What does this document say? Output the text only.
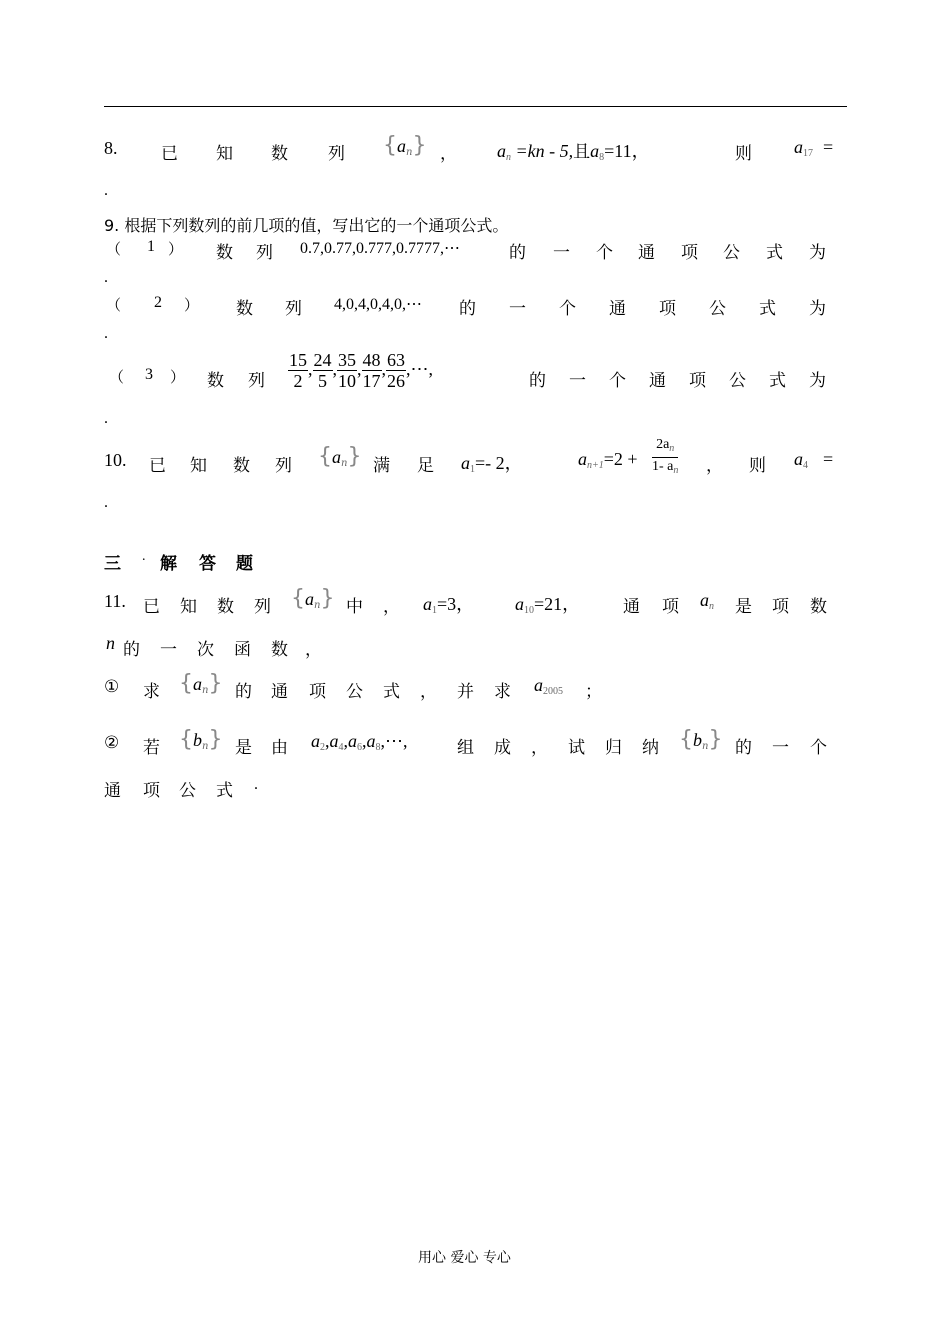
8.	已 知 数 列 $\{a_n\}$ ， $a_n =kn - 5$,且$a_8=11$，	则 $a_{17}$ =
.
9. 根据下列数列的前几项的值，写出它的一个通项公式。
（ 1 ） 数 列 0.7,0.77,0.777,0.7777,⋯	的 一 个 通 项 公 式 为
.
（ 2 ） 数 列 4,0,4,0,4,0,⋯ 的 一 个 通 项 公 式 为
.
（ 3 ） 数 列 $\frac{15}{2}$ , $\frac{24}{5}$ , $\frac{35}{10}$ , $\frac{48}{17}$ , $\frac{63}{26}$ ,⋯,
的 一 个 通 项 公 式 为
.
10. 已 知 数 列 $\{a_n\}$ 满 足 $a_1=-$ 2，	$a_{n+1}=2 + \frac{2a_n}{1- a_n}$ ， 则 $a_4$ =
.
三 . 解 答 题
11. 已 知 数 列 $\{a_n\}$ 中 ， $a_1=3$， $a_{10}=21$，	通 项 $a_n$ 是 项 数
n 的 一 次 函 数 ，
① 求 $\{a_n\}$ 的 通 项 公 式 ， 并 求 $a_{2005}$ ；
② 若 $\{b_n\}$ 是 由 $a_2,a_4,a_6,a_8,\cdots$,	组 成 ， 试 归 纳 $\{b_n\}$ 的 一 个
通 项 公 式 .
用心 爱心 专心
